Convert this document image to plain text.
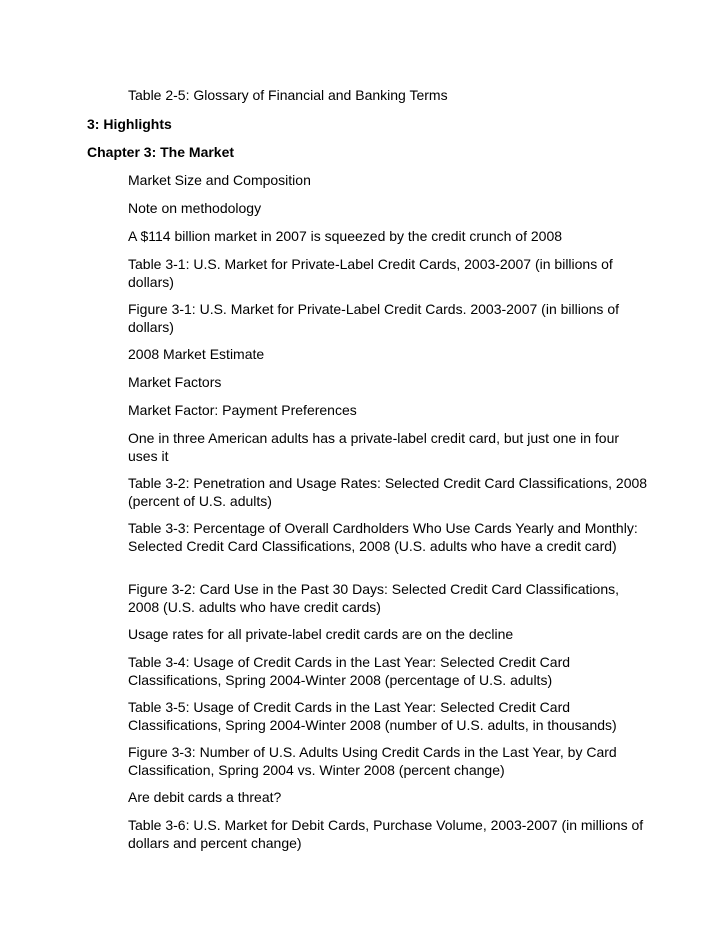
Table 2-5: Glossary of Financial and Banking Terms

3: Highlights

Chapter 3: The Market

Market Size and Composition

Note on methodology

A $114 billion market in 2007 is squeezed by the credit crunch of 2008

Table 3-1: U.S. Market for Private-Label Credit Cards, 2003-2007 (in billions of dollars)

Figure 3-1: U.S. Market for Private-Label Credit Cards. 2003-2007 (in billions of dollars)

2008 Market Estimate

Market Factors

Market Factor: Payment Preferences

One in three American adults has a private-label credit card, but just one in four uses it

Table 3-2: Penetration and Usage Rates: Selected Credit Card Classifications, 2008 (percent of U.S. adults)

Table 3-3: Percentage of Overall Cardholders Who Use Cards Yearly and Monthly: Selected Credit Card Classifications, 2008 (U.S. adults who have a credit card)

Figure 3-2: Card Use in the Past 30 Days: Selected Credit Card Classifications, 2008 (U.S. adults who have credit cards)

Usage rates for all private-label credit cards are on the decline

Table 3-4: Usage of Credit Cards in the Last Year: Selected Credit Card Classifications, Spring 2004-Winter 2008 (percentage of U.S. adults)

Table 3-5: Usage of Credit Cards in the Last Year: Selected Credit Card Classifications, Spring 2004-Winter 2008 (number of U.S. adults, in thousands)

Figure 3-3: Number of U.S. Adults Using Credit Cards in the Last Year, by Card Classification, Spring 2004 vs. Winter 2008 (percent change)

Are debit cards a threat?

Table 3-6: U.S. Market for Debit Cards, Purchase Volume, 2003-2007 (in millions of dollars and percent change)
